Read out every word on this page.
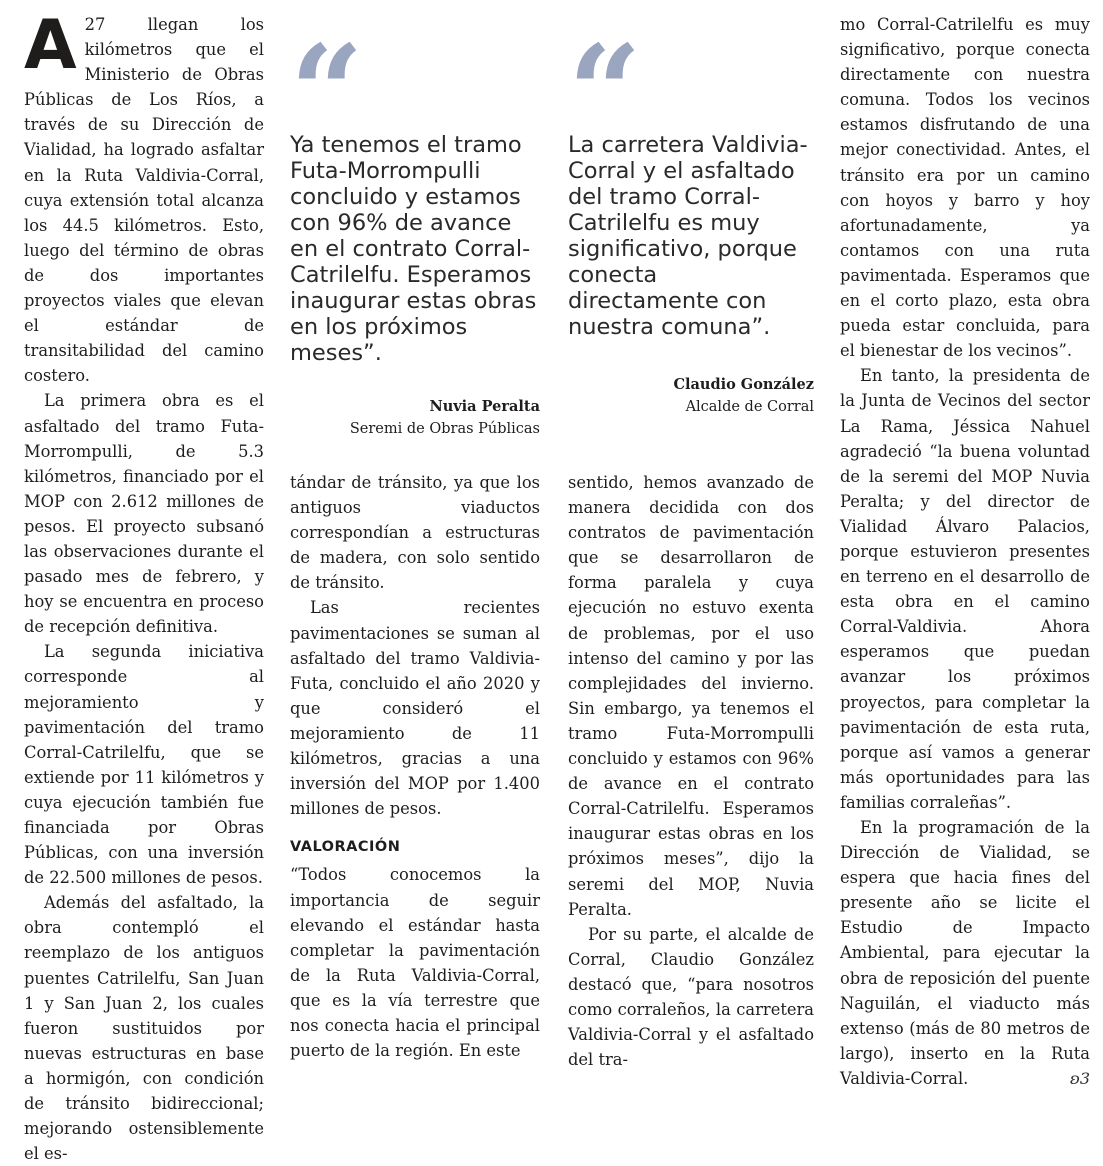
A 27 llegan los kilómetros que el Ministerio de Obras Públicas de Los Ríos, a través de su Dirección de Vialidad, ha logrado asfaltar en la Ruta Valdivia-Corral, cuya extensión total alcanza los 44.5 kilómetros. Esto, luego del término de obras de dos importantes proyectos viales que elevan el estándar de transitabilidad del camino costero.

La primera obra es el asfaltado del tramo Futa-Morrompulli, de 5.3 kilómetros, financiado por el MOP con 2.612 millones de pesos. El proyecto subsanó las observaciones durante el pasado mes de febrero, y hoy se encuentra en proceso de recepción definitiva.

La segunda iniciativa corresponde al mejoramiento y pavimentación del tramo Corral-Catrilelfu, que se extiende por 11 kilómetros y cuya ejecución también fue financiada por Obras Públicas, con una inversión de 22.500 millones de pesos.

Además del asfaltado, la obra contempló el reemplazo de los antiguos puentes Catrilelfu, San Juan 1 y San Juan 2, los cuales fueron sustituidos por nuevas estructuras en base a hormigón, con condición de tránsito bidireccional; mejorando ostensiblemente el es-

“
Ya tenemos el tramo Futa-Morrompulli concluido y estamos con 96% de avance en el contrato Corral-Catrilelfu. Esperamos inaugurar estas obras en los próximos meses”.
Nuvia Peralta
Seremi de Obras Públicas

tándar de tránsito, ya que los antiguos viaductos correspondían a estructuras de madera, con solo sentido de tránsito.

Las recientes pavimentaciones se suman al asfaltado del tramo Valdivia-Futa, concluido el año 2020 y que consideró el mejoramiento de 11 kilómetros, gracias a una inversión del MOP por 1.400 millones de pesos.

VALORACIÓN

“Todos conocemos la importancia de seguir elevando el estándar hasta completar la pavimentación de la Ruta Valdivia-Corral, que es la vía terrestre que nos conecta hacia el principal puerto de la región. En este

“
La carretera Valdivia-Corral y el asfaltado del tramo Corral-Catrilelfu es muy significativo, porque conecta directamente con nuestra comuna”.
Claudio González
Alcalde de Corral

sentido, hemos avanzado de manera decidida con dos contratos de pavimentación que se desarrollaron de forma paralela y cuya ejecución no estuvo exenta de problemas, por el uso intenso del camino y por las complejidades del invierno. Sin embargo, ya tenemos el tramo Futa-Morrompulli concluido y estamos con 96% de avance en el contrato Corral-Catrilelfu. Esperamos inaugurar estas obras en los próximos meses”, dijo la seremi del MOP, Nuvia Peralta.

Por su parte, el alcalde de Corral, Claudio González destacó que, “para nosotros como corraleños, la carretera Valdivia-Corral y el asfaltado del tra-

mo Corral-Catrilelfu es muy significativo, porque conecta directamente con nuestra comuna. Todos los vecinos estamos disfrutando de una mejor conectividad. Antes, el tránsito era por un camino con hoyos y barro y hoy afortunadamente, ya contamos con una ruta pavimentada. Esperamos que en el corto plazo, esta obra pueda estar concluida, para el bienestar de los vecinos”.

En tanto, la presidenta de la Junta de Vecinos del sector La Rama, Jéssica Nahuel agradeció “la buena voluntad de la seremi del MOP Nuvia Peralta; y del director de Vialidad Álvaro Palacios, porque estuvieron presentes en terreno en el desarrollo de esta obra en el camino Corral-Valdivia. Ahora esperamos que puedan avanzar los próximos proyectos, para completar la pavimentación de esta ruta, porque así vamos a generar más oportunidades para las familias corraleñas”.

En la programación de la Dirección de Vialidad, se espera que hacia fines del presente año se licite el Estudio de Impacto Ambiental, para ejecutar la obra de reposición del puente Naguilán, el viaducto más extenso (más de 80 metros de largo), inserto en la Ruta Valdivia-Corral.	ʚ3
